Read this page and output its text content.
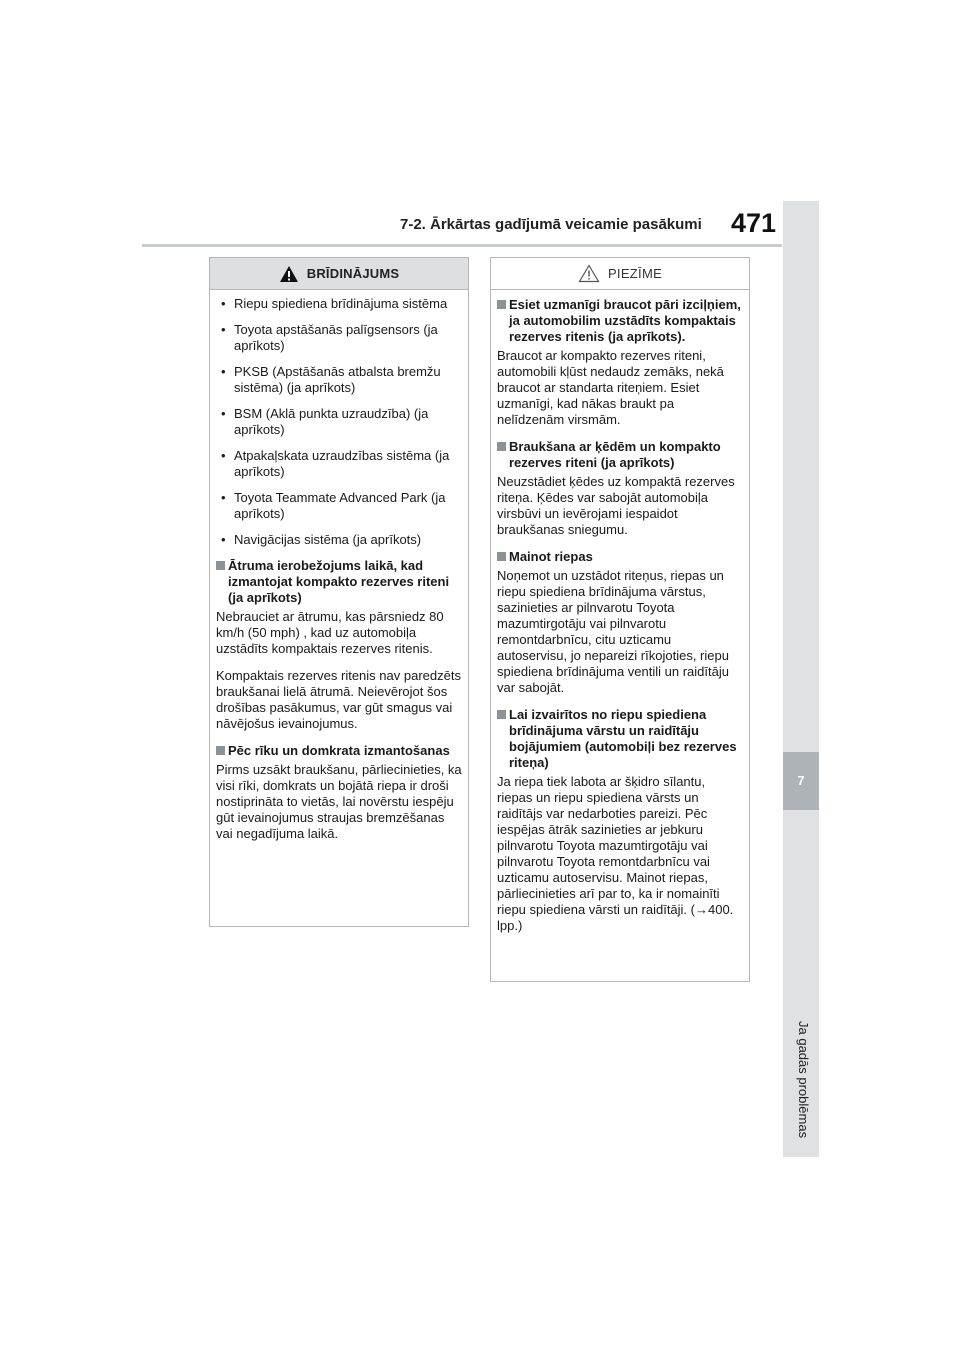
7-2. Ārkārtas gadījumā veicamie pasākumi 471
7
Ja gadās problēmas
BRĪDINĀJUMS
• Riepu spiediena brīdinājuma sistēma
• Toyota apstāšanās palīgsensors (ja aprīkots)
• PKSB (Apstāšanās atbalsta bremžu sistēma) (ja aprīkots)
• BSM (Aklā punkta uzraudzība) (ja aprīkots)
• Atpakaļskata uzraudzības sistēma (ja aprīkots)
• Toyota Teammate Advanced Park (ja aprīkots)
• Navigācijas sistēma (ja aprīkots)
Ātruma ierobežojums laikā, kad izmantojat kompakto rezerves riteni (ja aprīkots)

Nebrauciet ar ātrumu, kas pārsniedz 80 km/h (50 mph) , kad uz automobiļa uzstādīts kompaktais rezerves ritenis.

Kompaktais rezerves ritenis nav paredzēts braukšanai lielā ātrumā. Neievērojot šos drošības pasākumus, var gūt smagus vai nāvējošus ievainojumus.

Pēc rīku un domkrata izmantošanas

Pirms uzsākt braukšanu, pārliecinieties, ka visi rīki, domkrats un bojātā riepa ir droši nostiprināta to vietās, lai novērstu iespēju gūt ievainojumus straujas bremzēšanas vai negadījuma laikā.

PIEZĪME
Esiet uzmanīgi braucot pāri izciļņiem, ja automobilim uzstādīts kompaktais rezerves ritenis (ja aprīkots).

Braucot ar kompakto rezerves riteni, automobili kļūst nedaudz zemāks, nekā braucot ar standarta riteņiem. Esiet uzmanīgi, kad nākas braukt pa nelīdzenām virsmām.

Braukšana ar ķēdēm un kompakto rezerves riteni (ja aprīkots)

Neuzstādiet ķēdes uz kompaktā rezerves riteņa. Ķēdes var sabojāt automobiļa virsbūvi un ievērojami iespaidot braukšanas sniegumu.

Mainot riepas

Noņemot un uzstādot riteņus, riepas un riepu spiediena brīdinājuma vārstus, sazinieties ar pilnvarotu Toyota mazumtirgotāju vai pilnvarotu remontdarbnīcu, citu uzticamu autoservisu, jo nepareizi rīkojoties, riepu spiediena brīdinājuma ventili un raidītāju var sabojāt.

Lai izvairītos no riepu spiediena brīdinājuma vārstu un raidītāju bojājumiem (automobiļi bez rezerves riteņa)

Ja riepa tiek labota ar šķidro sīlantu, riepas un riepu spiediena vārsts un raidītājs var nedarboties pareizi. Pēc iespējas ātrāk sazinieties ar jebkuru pilnvarotu Toyota mazumtirgotāju vai pilnvarotu Toyota remontdarbnīcu vai uzticamu autoservisu. Mainot riepas, pārliecinieties arī par to, ka ir nomainīti riepu spiediena vārsti un raidītāji. (→400. lpp.)
